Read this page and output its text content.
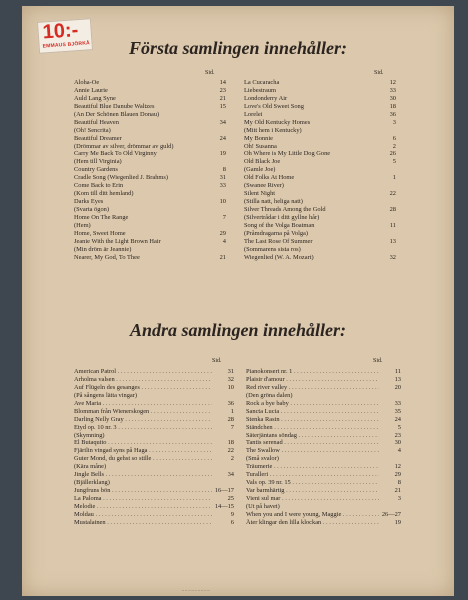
10:-
EMMAUS BJÖRKÅ	Första samlingen innehåller:
Sid.	Sid.
Aloha-Oe	14
Annie Laurie	23
Auld Lang Syne	21
Beautiful Blue Danube Waltzes	15
(An Der Schönen Blauen Donau)
Beautiful Heaven	34
(Oh! Sencrita)
Beautiful Dreamer	24
(Drömmar av silver, drömmar av guld)
Carry Me Back To Old Virginny	19
(Hem till Virginia)
Country Gardens	8
Cradle Song (Wiegenlied J. Brahms)	31
Come Back to Erin	33
(Kom till ditt hemland)
Darks Eyes	10
(Svarta ögon)
Home On The Range	7
(Hem)
Home, Sweet Home	29
Jeanie With the Light Brown Hair	4
(Min dröm är Jeannie)
Nearer, My God, To Thee	21
La Cucaracha	12
Liebestraum	33
Londonderry Air	30
Love's Old Sweet Song	18
Lorelei	36
My Old Kentucky Homes	3
(Mitt hem i Kentucky)
My Bonnie	6
Oh! Susanna	2
Oh Where is My Little Dog Gone	26
Old Black Joe	5
(Gamle Joe)
Old Folks At Home	1
(Swanee River)
Silent Night	22
(Stilla natt, heliga natt)
Silver Threads Among the Gold	28
(Silvertrådar i ditt gyllne hår)
Song of the Volga Boatman	11
(Pråmdragarna på Volga)
The Last Rose Of Summer	13
(Sommarens sista ros)
Wiegenlied (W. A. Mozart)	32
Andra samlingen innehåller:
Sid.	Sid.
American Patrol . . .	31
Arholma valsen . . .	32
Auf Flügeln des gesanges . . .	10
(På sångens lätta vingar)
Ave Maria . . .	36
Blomman från Wienerskogen . . .	1
Darling Nelly Gray . . .	28
Etyd op. 10 nr. 3 . . .	7
(Skymning)
El Butaquito . . .	18
Fjärilin vingad syns på Haga . . .	22
Guter Mond, du gehst so stille . . .	2
(Kära måne)
Jingle Bells . . .	34
(Bjällerklang)
Jungfruns bön . . .	16—17
La Paloma . . .	25
Melodie . . .	14—15
Moldau . . .	9
Mustalainen . . .	6
Pianokonsert nr. 1 . . .	11
Plaisir d'amour . . .	13
Red river valley . . .	20
(Den gröna dalen)
Rock a bye baby . . .	33
Sancta Lucia . . .	35
Stenka Rasin . . .	24
Ständchen . . .	5
Säterjäntans söndag . . .	23
Tantis serenad . . .	30
The Swallow . . .	4
(Små svalor)
Träumerie . . .	12
Turalleri . . .	29
Vals op. 39 nr. 15 . . .	8
Var barmhärtig . . .	21
Vieni sul mar . . .	3
(Ut på havet)
When you and I were young, Maggie . . .	26—27
Åter klingar den lilla klockan . . .	19
~ ~ ~ ~ ~ ~ ~ ~ ~
